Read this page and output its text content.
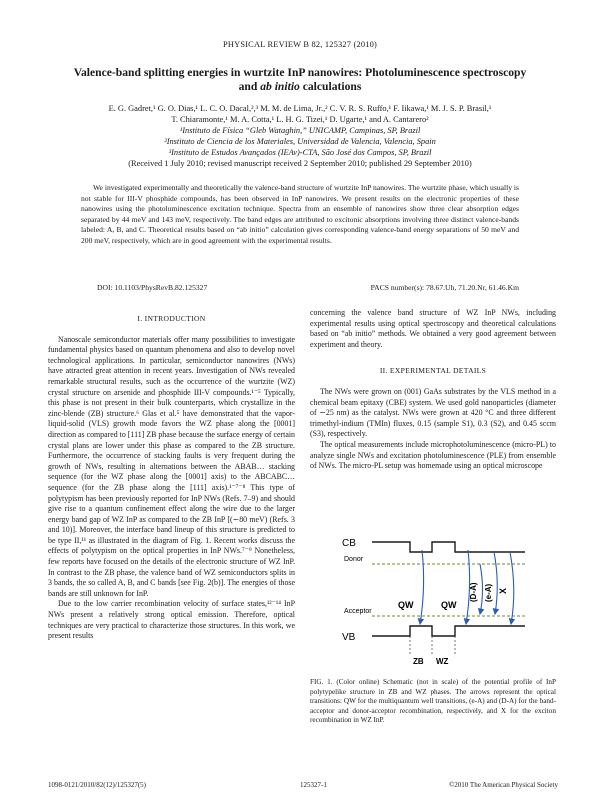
PHYSICAL REVIEW B 82, 125327 (2010)
Valence-band splitting energies in wurtzite InP nanowires: Photoluminescence spectroscopy
and ab initio calculations
E. G. Gadret,¹ G. O. Dias,¹ L. C. O. Dacal,²,³ M. M. de Lima, Jr.,² C. V. R. S. Ruffo,¹ F. Iikawa,¹ M. J. S. P. Brasil,¹
T. Chiaramonte,¹ M. A. Cotta,¹ L. H. G. Tizei,¹ D. Ugarte,¹ and A. Cantarero²
¹Instituto de Física “Gleb Wataghin,” UNICAMP, Campinas, SP, Brazil
²Instituto de Ciencia de los Materiales, Universidad de Valencia, Valencia, Spain
³Instituto de Estudos Avançados (IEAv)-CTA, São José dos Campos, SP, Brazil
(Received 1 July 2010; revised manuscript received 2 September 2010; published 29 September 2010)

We investigated experimentally and theoretically the valence-band structure of wurtzite InP nanowires. The wurtzite phase, which usually is not stable for III-V phosphide compounds, has been observed in InP nanowires. We present results on the electronic properties of these nanowires using the photoluminescence excitation technique. Spectra from an ensemble of nanowires show three clear absorption edges separated by 44 meV and 143 meV, respectively. The band edges are attributed to excitonic absorptions involving three distinct valence-bands labeled: A, B, and C. Theoretical results based on “ab initio” calculation gives corresponding valence-band energy separations of 50 meV and 200 meV, respectively, which are in good agreement with the experimental results.

DOI: 10.1103/PhysRevB.82.125327	PACS number(s): 78.67.Uh, 71.20.Nr, 61.46.Km
I. INTRODUCTION

Nanoscale semiconductor materials offer many possibilities to investigate fundamental physics based on quantum phenomena and also to develop novel technological applications. In particular, semiconductor nanowires (NWs) have attracted great attention in recent years. Investigation of NWs revealed remarkable structural results, such as the occurrence of the wurtzite (WZ) crystal structure on arsenide and phosphide III-V compounds.¹⁻⁵ Typically, this phase is not present in their bulk counterparts, which crystallize in the zinc-blende (ZB) structure.⁶ Glas et al.⁵ have demonstrated that the vapor-liquid-solid (VLS) growth mode favors the WZ phase along the [0001] direction as compared to [111] ZB phase because the surface energy of certain crystal plans are lower under this phase as compared to the ZB structure. Furthermore, the occurrence of stacking faults is very frequent during the growth of NWs, resulting in alternations between the ABAB… stacking sequence (for the WZ phase along the [0001] axis) to the ABCABC… sequence (for the ZB phase along the [111] axis).¹⁻⁷⁻⁸ This type of polytypism has been previously reported for InP NWs (Refs. 7–9) and should give rise to a quantum confinement effect along the wire due to the larger energy band gap of WZ InP as compared to the ZB InP [(∼80 meV) (Refs. 3 and 10)]. Moreover, the interface band lineup of this structure is predicted to be type II,¹¹ as illustrated in the diagram of Fig. 1. Recent works discuss the effects of polytypism on the optical properties in InP NWs.⁷⁻⁹ Nonetheless, few reports have focused on the details of the electronic structure of WZ InP. In contrast to the ZB phase, the valence band of WZ semiconductors splits in 3 bands, the so called A, B, and C bands [see Fig. 2(b)]. The energies of those bands are still unknown for InP.

Due to the low carrier recombination velocity of surface states,¹²⁻¹⁴ InP NWs present a relatively strong optical emission. Therefore, optical techniques are very practical to characterize those structures. In this work, we present results

concerning the valence band structure of WZ InP NWs, including experimental results using optical spectroscopy and theoretical calculations based on “ab initio” methods. We obtained a very good agreement between experiment and theory.

II. EXPERIMENTAL DETAILS

The NWs were grown on (001) GaAs substrates by the VLS method in a chemical beam epitaxy (CBE) system. We used gold nanoparticles (diameter of ∼25 nm) as the catalyst. NWs were grown at 420 °C and three different trimethyl-indium (TMIn) fluxes, 0.15 (sample S1), 0.3 (S2), and 0.45 sccm (S3), respectively.

The optical measurements include microphotoluminescence (micro-PL) to analyze single NWs and excitation photoluminescence (PLE) from ensemble of NWs. The micro-PL setup was homemade using an optical microscope

CB
Donor
Acceptor
VB
QW	QW
(D-A) (e-A) X
ZB WZ
FIG. 1. (Color online) Schematic (not in scale) of the potential profile of InP polytypelike structure in ZB and WZ phases. The arrows represent the optical transitions: QW for the multiquantum well transitions, (e-A) and (D-A) for the band-acceptor and donor-acceptor recombination, respectively, and X for the exciton recombination in WZ InP.
1098-0121/2010/82(12)/125327(5)	125327-1	©2010 The American Physical Society
